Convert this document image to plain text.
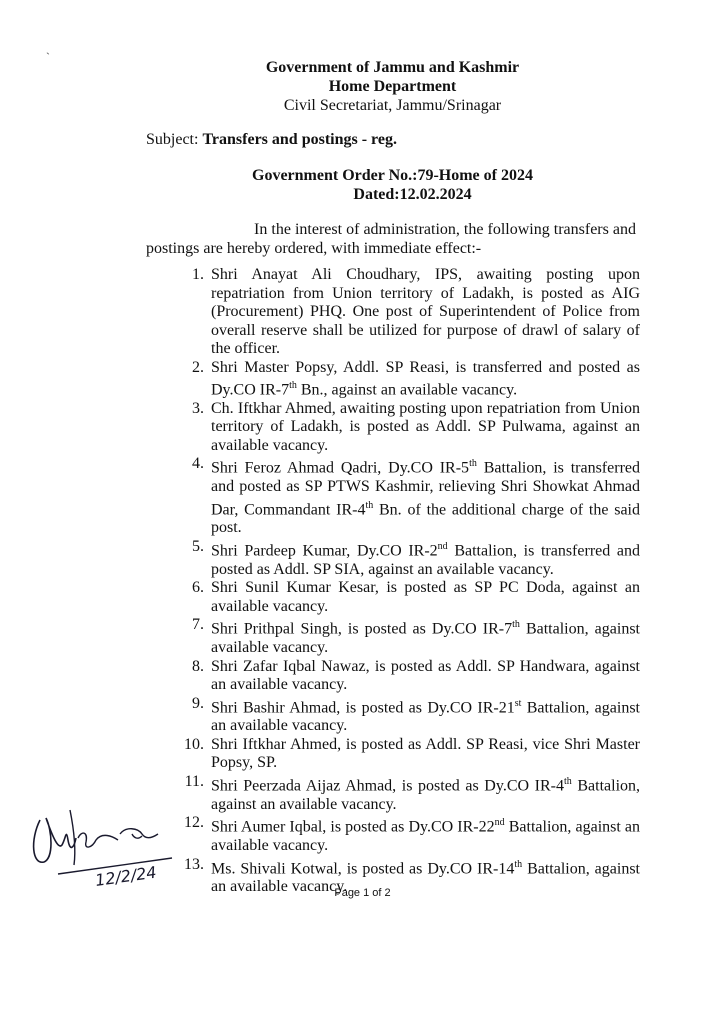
ˋ
Government of Jammu and Kashmir
Home Department
Civil Secretariat, Jammu/Srinagar
Subject: Transfers and postings - reg.
Government Order No.:79-Home of 2024
Dated:12.02.2024
In the interest of administration, the following transfers and postings are hereby ordered, with immediate effect:-
1. Shri Anayat Ali Choudhary, IPS, awaiting posting upon repatriation from Union territory of Ladakh, is posted as AIG (Procurement) PHQ. One post of Superintendent of Police from overall reserve shall be utilized for purpose of drawl of salary of the officer.
2. Shri Master Popsy, Addl. SP Reasi, is transferred and posted as Dy.CO IR-7th Bn., against an available vacancy.
3. Ch. Iftkhar Ahmed, awaiting posting upon repatriation from Union territory of Ladakh, is posted as Addl. SP Pulwama, against an available vacancy.
4. Shri Feroz Ahmad Qadri, Dy.CO IR-5th Battalion, is transferred and posted as SP PTWS Kashmir, relieving Shri Showkat Ahmad Dar, Commandant IR-4th Bn. of the additional charge of the said post.
5. Shri Pardeep Kumar, Dy.CO IR-2nd Battalion, is transferred and posted as Addl. SP SIA, against an available vacancy.
6. Shri Sunil Kumar Kesar, is posted as SP PC Doda, against an available vacancy.
7. Shri Prithpal Singh, is posted as Dy.CO IR-7th Battalion, against available vacancy.
8. Shri Zafar Iqbal Nawaz, is posted as Addl. SP Handwara, against an available vacancy.
9. Shri Bashir Ahmad, is posted as Dy.CO IR-21st Battalion, against an available vacancy.
10. Shri Iftkhar Ahmed, is posted as Addl. SP Reasi, vice Shri Master Popsy, SP.
11. Shri Peerzada Aijaz Ahmad, is posted as Dy.CO IR-4th Battalion, against an available vacancy.
12. Shri Aumer Iqbal, is posted as Dy.CO IR-22nd Battalion, against an available vacancy.
13. Ms. Shivali Kotwal, is posted as Dy.CO IR-14th Battalion, against an available vacancy.
12/2/24
Page 1 of 2
